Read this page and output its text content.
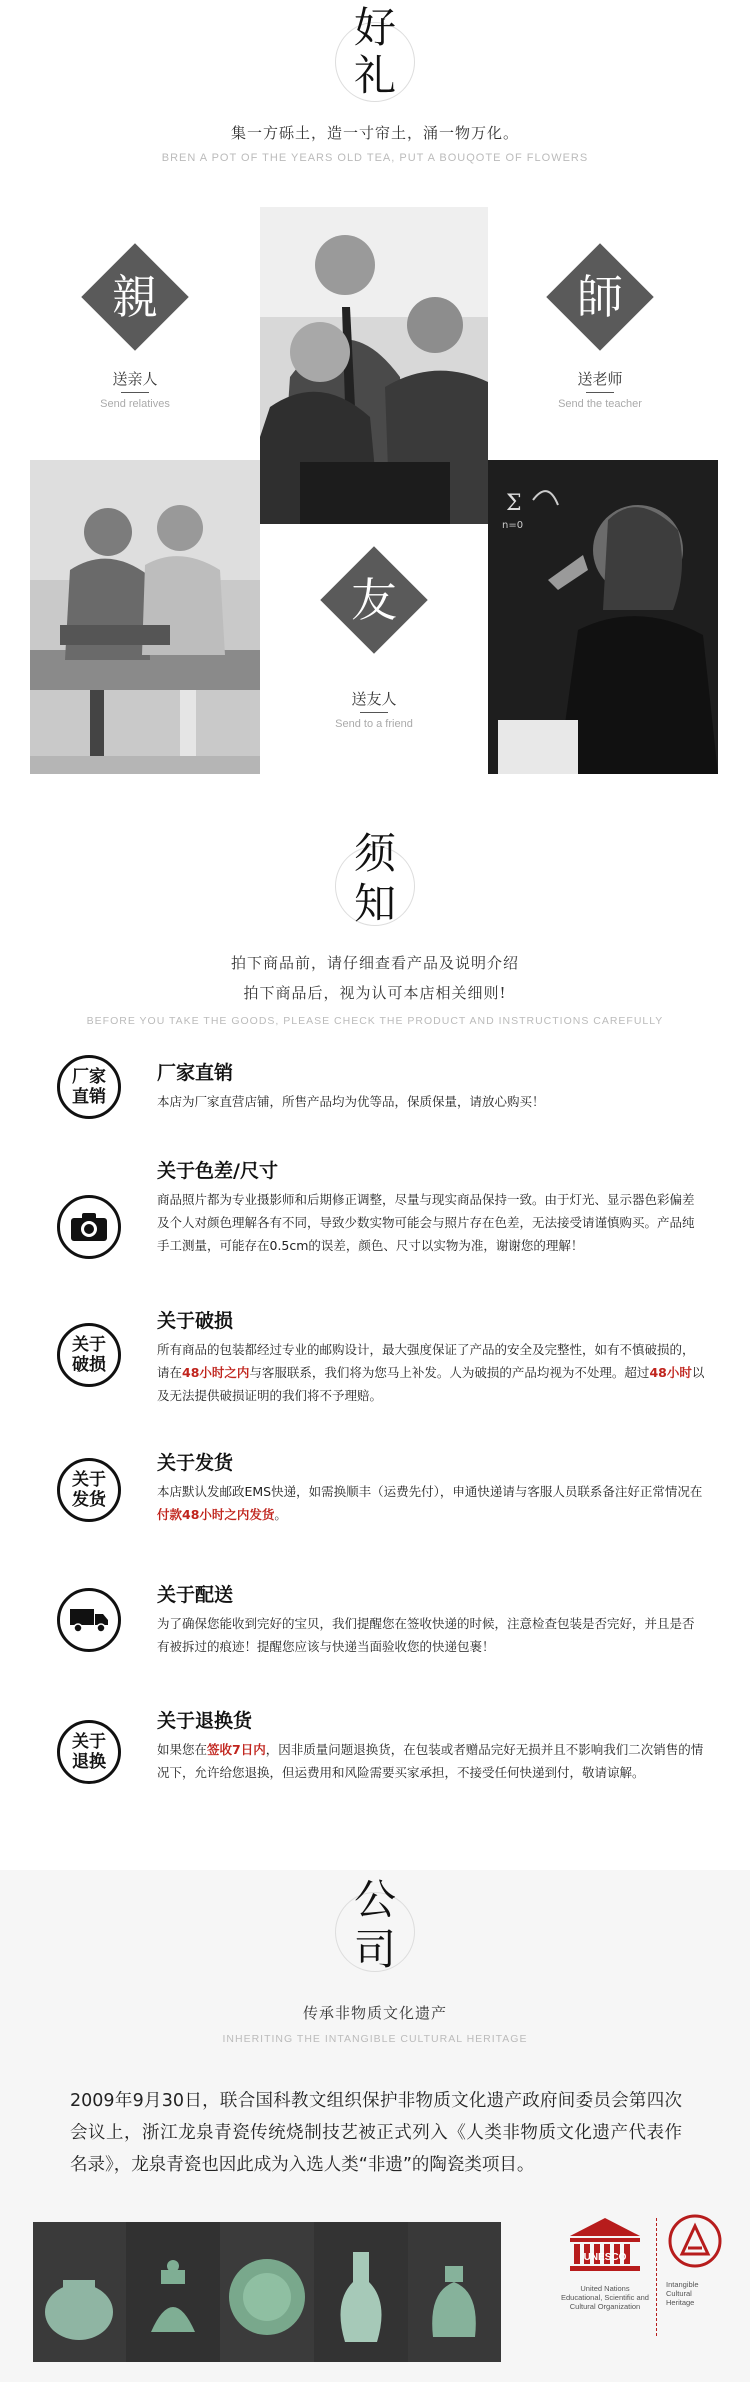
好
礼
集一方砾土，造一寸帘土，涌一物万化。
BREN A POT OF THE YEARS OLD TEA, PUT A BOUQOTE OF FLOWERS
Σ
n=0
親
送亲人
Send relatives
師
送老师
Send the teacher
友
送友人
Send to a friend
须
知
拍下商品前，请仔细查看产品及说明介绍
拍下商品后，视为认可本店相关细则!
BEFORE YOU TAKE THE GOODS, PLEASE CHECK THE PRODUCT AND INSTRUCTIONS CAREFULLY
厂家
直销
厂家直销
本店为厂家直营店铺，所售产品均为优等品，保质保量，请放心购买！
关于色差/尺寸
商品照片都为专业摄影师和后期修正调整，尽量与现实商品保持一致。由于灯光、显示器色彩偏差及个人对颜色理解各有不同，导致少数实物可能会与照片存在色差，无法接受请谨慎购买。产品纯手工测量，可能存在0.5cm的误差，颜色、尺寸以实物为准，谢谢您的理解！
关于
破损
关于破损
所有商品的包装都经过专业的邮购设计，最大强度保证了产品的安全及完整性，如有不慎破损的，请在48小时之内与客服联系，我们将为您马上补发。人为破损的产品均视为不处理。超过48小时以及无法提供破损证明的我们将不予理赔。
关于
发货
关于发货
本店默认发邮政EMS快递，如需换顺丰（运费先付），申通快递请与客服人员联系备注好正常情况在付款48小时之内发货。
关于配送
为了确保您能收到完好的宝贝，我们提醒您在签收快递的时候，注意检查包装是否完好，并且是否有被拆过的痕迹！提醒您应该与快递当面验收您的快递包裹！
关于
退换
关于退换货
如果您在签收7日内，因非质量问题退换货，在包装或者赠品完好无损并且不影响我们二次销售的情况下，允许给您退换，但运费用和风险需要买家承担，不接受任何快递到付，敬请谅解。
公
司
传承非物质文化遗产
INHERITING THE INTANGIBLE CULTURAL HERITAGE
2009年9月30日，联合国科教文组织保护非物质文化遗产政府间委员会第四次会议上，浙江龙泉青瓷传统烧制技艺被正式列入《人类非物质文化遗产代表作名录》，龙泉青瓷也因此成为入选人类“非遗”的陶瓷类项目。
UNESCO
United Nations
Educational, Scientific and
Cultural Organization
Intangible
Cultural
Heritage
